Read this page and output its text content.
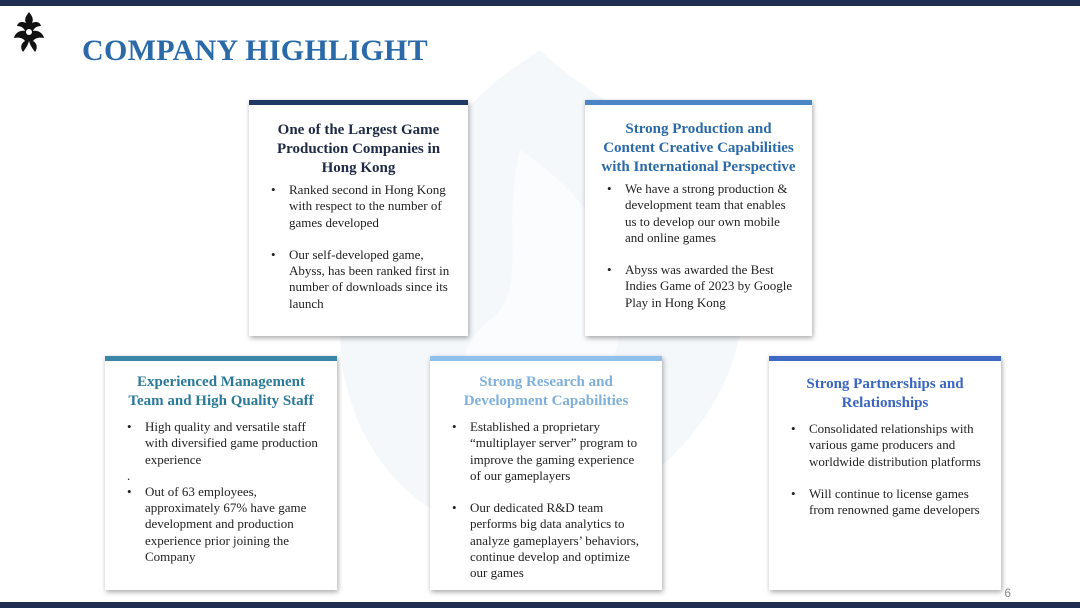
COMPANY HIGHLIGHT
One of the Largest Game Production Companies in Hong Kong
• Ranked second in Hong Kong with respect to the number of games developed
• Our self-developed game, Abyss, has been ranked first in number of downloads since its launch
Strong Production and Content Creative Capabilities with International Perspective
• We have a strong production & development team that enables us to develop our own mobile and online games
• Abyss was awarded the Best Indies Game of 2023 by Google Play in Hong Kong
Experienced Management Team and High Quality Staff
• High quality and versatile staff with diversified game production experience
.
• Out of 63 employees, approximately 67% have game development and production experience prior joining the Company
Strong Research and Development Capabilities
• Established a proprietary “multiplayer server” program to improve the gaming experience of our gameplayers
• Our dedicated R&D team performs big data analytics to analyze gameplayers’ behaviors, continue develop and optimize our games
Strong Partnerships and Relationships
• Consolidated relationships with various game producers and worldwide distribution platforms
• Will continue to license games from renowned game developers
6
